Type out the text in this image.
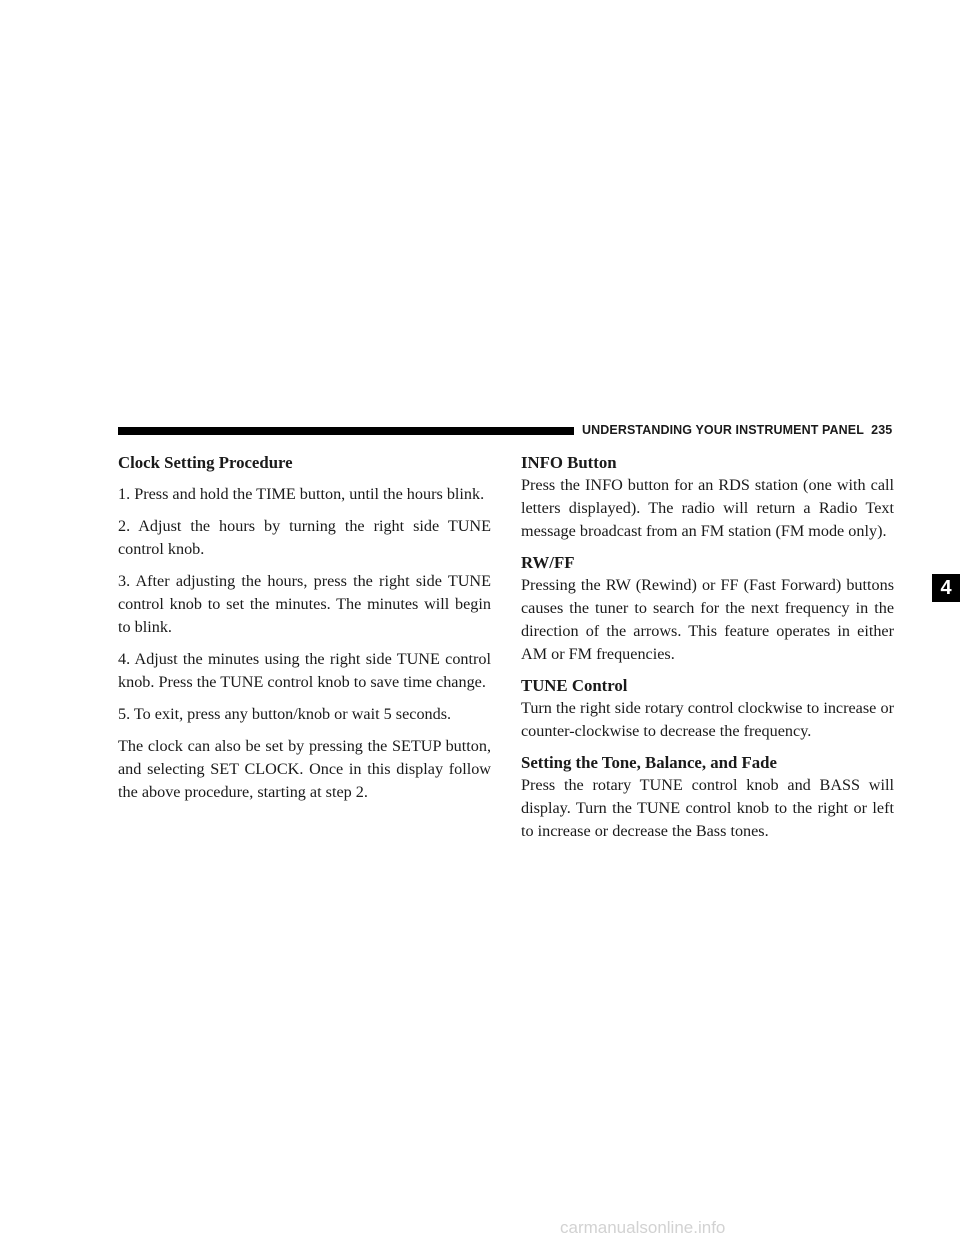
UNDERSTANDING YOUR INSTRUMENT PANEL 235
Clock Setting Procedure

1. Press and hold the TIME button, until the hours blink.

2. Adjust the hours by turning the right side TUNE control knob.

3. After adjusting the hours, press the right side TUNE control knob to set the minutes. The minutes will begin to blink.

4. Adjust the minutes using the right side TUNE control knob. Press the TUNE control knob to save time change.

5. To exit, press any button/knob or wait 5 seconds.

The clock can also be set by pressing the SETUP button, and selecting SET CLOCK. Once in this display follow the above procedure, starting at step 2.

INFO Button

Press the INFO button for an RDS station (one with call letters displayed). The radio will return a Radio Text message broadcast from an FM station (FM mode only).

RW/FF

Pressing the RW (Rewind) or FF (Fast Forward) buttons causes the tuner to search for the next frequency in the direction of the arrows. This feature operates in either AM or FM frequencies.

TUNE Control

Turn the right side rotary control clockwise to increase or counter-clockwise to decrease the frequency.

Setting the Tone, Balance, and Fade

Press the rotary TUNE control knob and BASS will display. Turn the TUNE control knob to the right or left to increase or decrease the Bass tones.

4
carmanualsonline.info
